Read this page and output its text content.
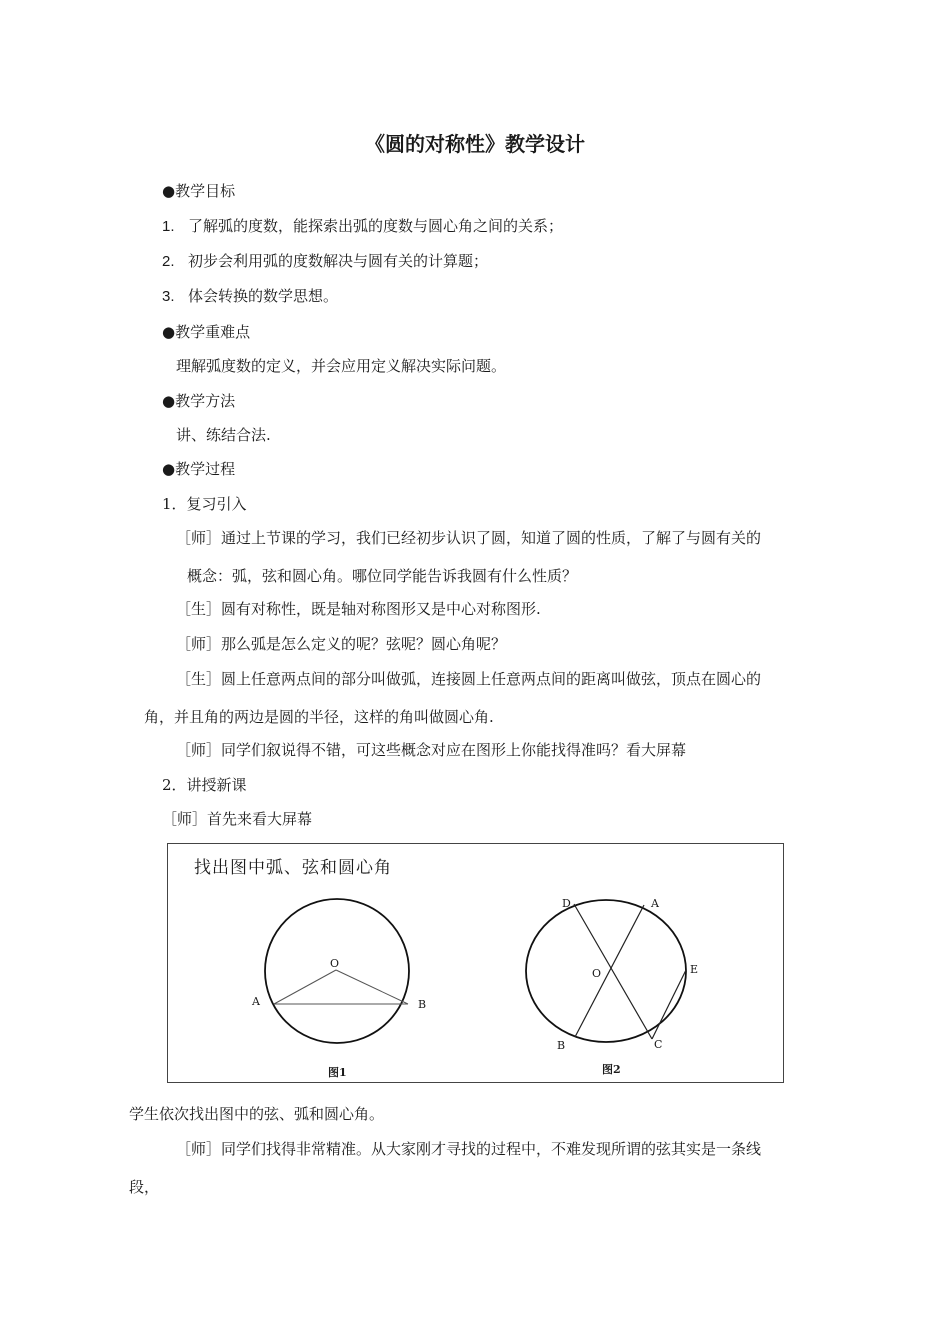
《圆的对称性》教学设计
●教学目标
1. 了解弧的度数，能探索出弧的度数与圆心角之间的关系；
2. 初步会利用弧的度数解决与圆有关的计算题；
3. 体会转换的数学思想。
●教学重难点
理解弧度数的定义，并会应用定义解决实际问题。
●教学方法
讲、练结合法.
●教学过程
1．复习引入
［师］通过上节课的学习，我们已经初步认识了圆，知道了圆的性质，了解了与圆有关的
概念：弧，弦和圆心角。哪位同学能告诉我圆有什么性质？
［生］圆有对称性，既是轴对称图形又是中心对称图形.
［师］那么弧是怎么定义的呢？弦呢？圆心角呢？
［生］圆上任意两点间的部分叫做弧，连接圆上任意两点间的距离叫做弦，顶点在圆心的
角，并且角的两边是圆的半径，这样的角叫做圆心角.
［师］同学们叙说得不错，可这些概念对应在图形上你能找得准吗？看大屏幕
2．讲授新课
［师］首先来看大屏幕
找出图中弧、弦和圆心角
O
A	B
图1
D	A
O	E
B	C
图2
学生依次找出图中的弦、弧和圆心角。
［师］同学们找得非常精准。从大家刚才寻找的过程中，不难发现所谓的弦其实是一条线
段，
